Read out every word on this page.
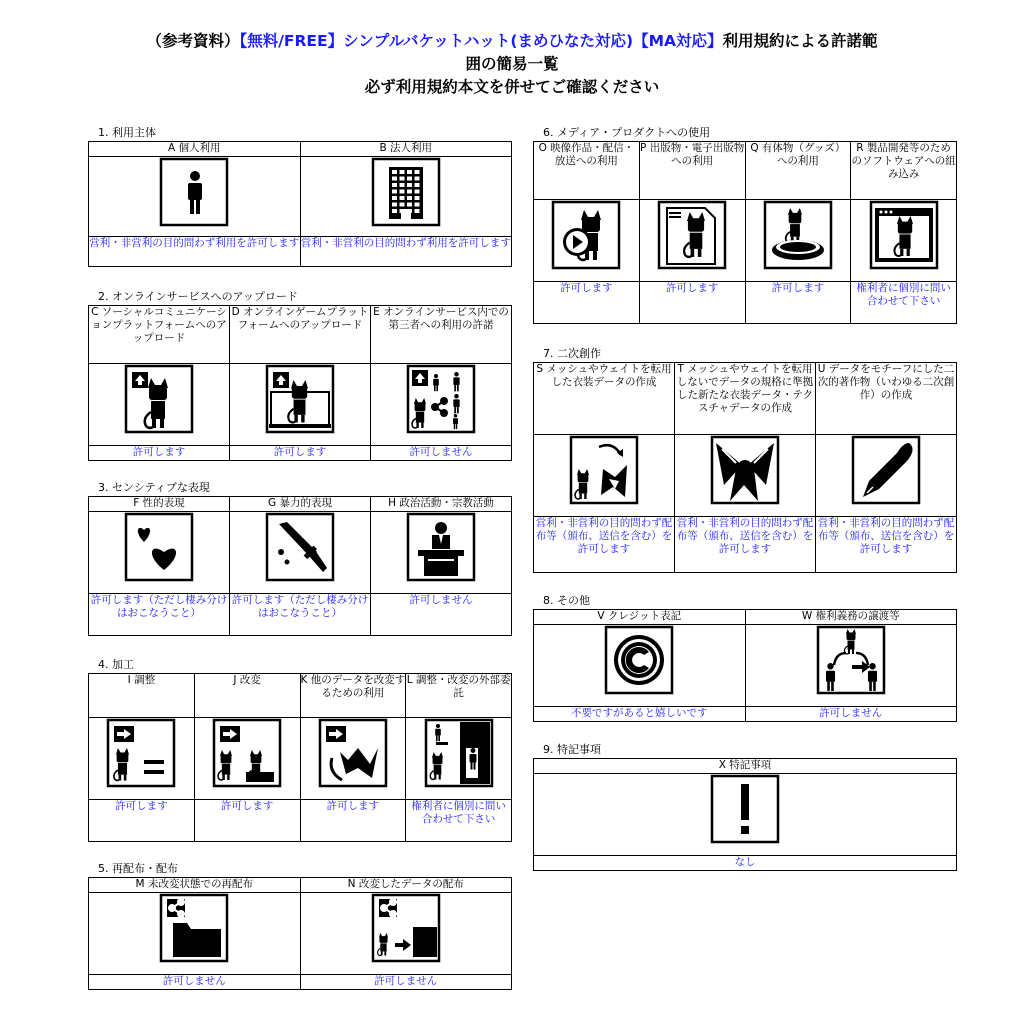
（参考資料）【無料/FREE】シンプルバケットハット(まめひなた対応)【MA対応】利用規約による許諾範
囲の簡易一覧
必ず利用規約本文を併せてご確認ください
1. 利用主体
A 個人利用	B 法人利用

営利・非営利の目的問わず利用を許可します	営利・非営利の目的問わず利用を許可します
2. オンラインサービスへのアップロード
C ソーシャルコミュニケーションプラットフォームへのアップロード	D オンラインゲームプラットフォームへのアップロード	E オンラインサービス内での第三者への利用の許諾

許可します	許可します	許可しません
3. センシティブな表現
F 性的表現	G 暴力的表現	H 政治活動・宗教活動

許可します（ただし棲み分けはおこなうこと）	許可します（ただし棲み分けはおこなうこと）	許可しません
4. 加工
I 調整	J 改変	K 他のデータを改変するための利用	L 調整・改変の外部委託

許可します	許可します	許可します	権利者に個別に問い合わせて下さい
5. 再配布・配布
M 未改変状態での再配布	N 改変したデータの配布

許可しません	許可しません
6. メディア・プロダクトへの使用
O 映像作品・配信・放送への利用	P 出版物・電子出版物への利用	Q 有体物（グッズ）への利用	R 製品開発等のためのソフトウェアへの組み込み

許可します	許可します	許可します	権利者に個別に問い合わせて下さい
7. 二次創作
S メッシュやウェイトを転用した衣装データの作成	T メッシュやウェイトを転用しないでデータの規格に準拠した新たな衣装データ・テクスチャデータの作成	U データをモチーフにした二次的著作物（いわゆる二次創作）の作成

営利・非営利の目的問わず配布等（頒布、送信を含む）を許可します	営利・非営利の目的問わず配布等（頒布、送信を含む）を許可します	営利・非営利の目的問わず配布等（頒布、送信を含む）を許可します
8. その他
V クレジット表記	W 権利義務の譲渡等

不要ですがあると嬉しいです	許可しません
9. 特記事項
X 特記事項

なし
